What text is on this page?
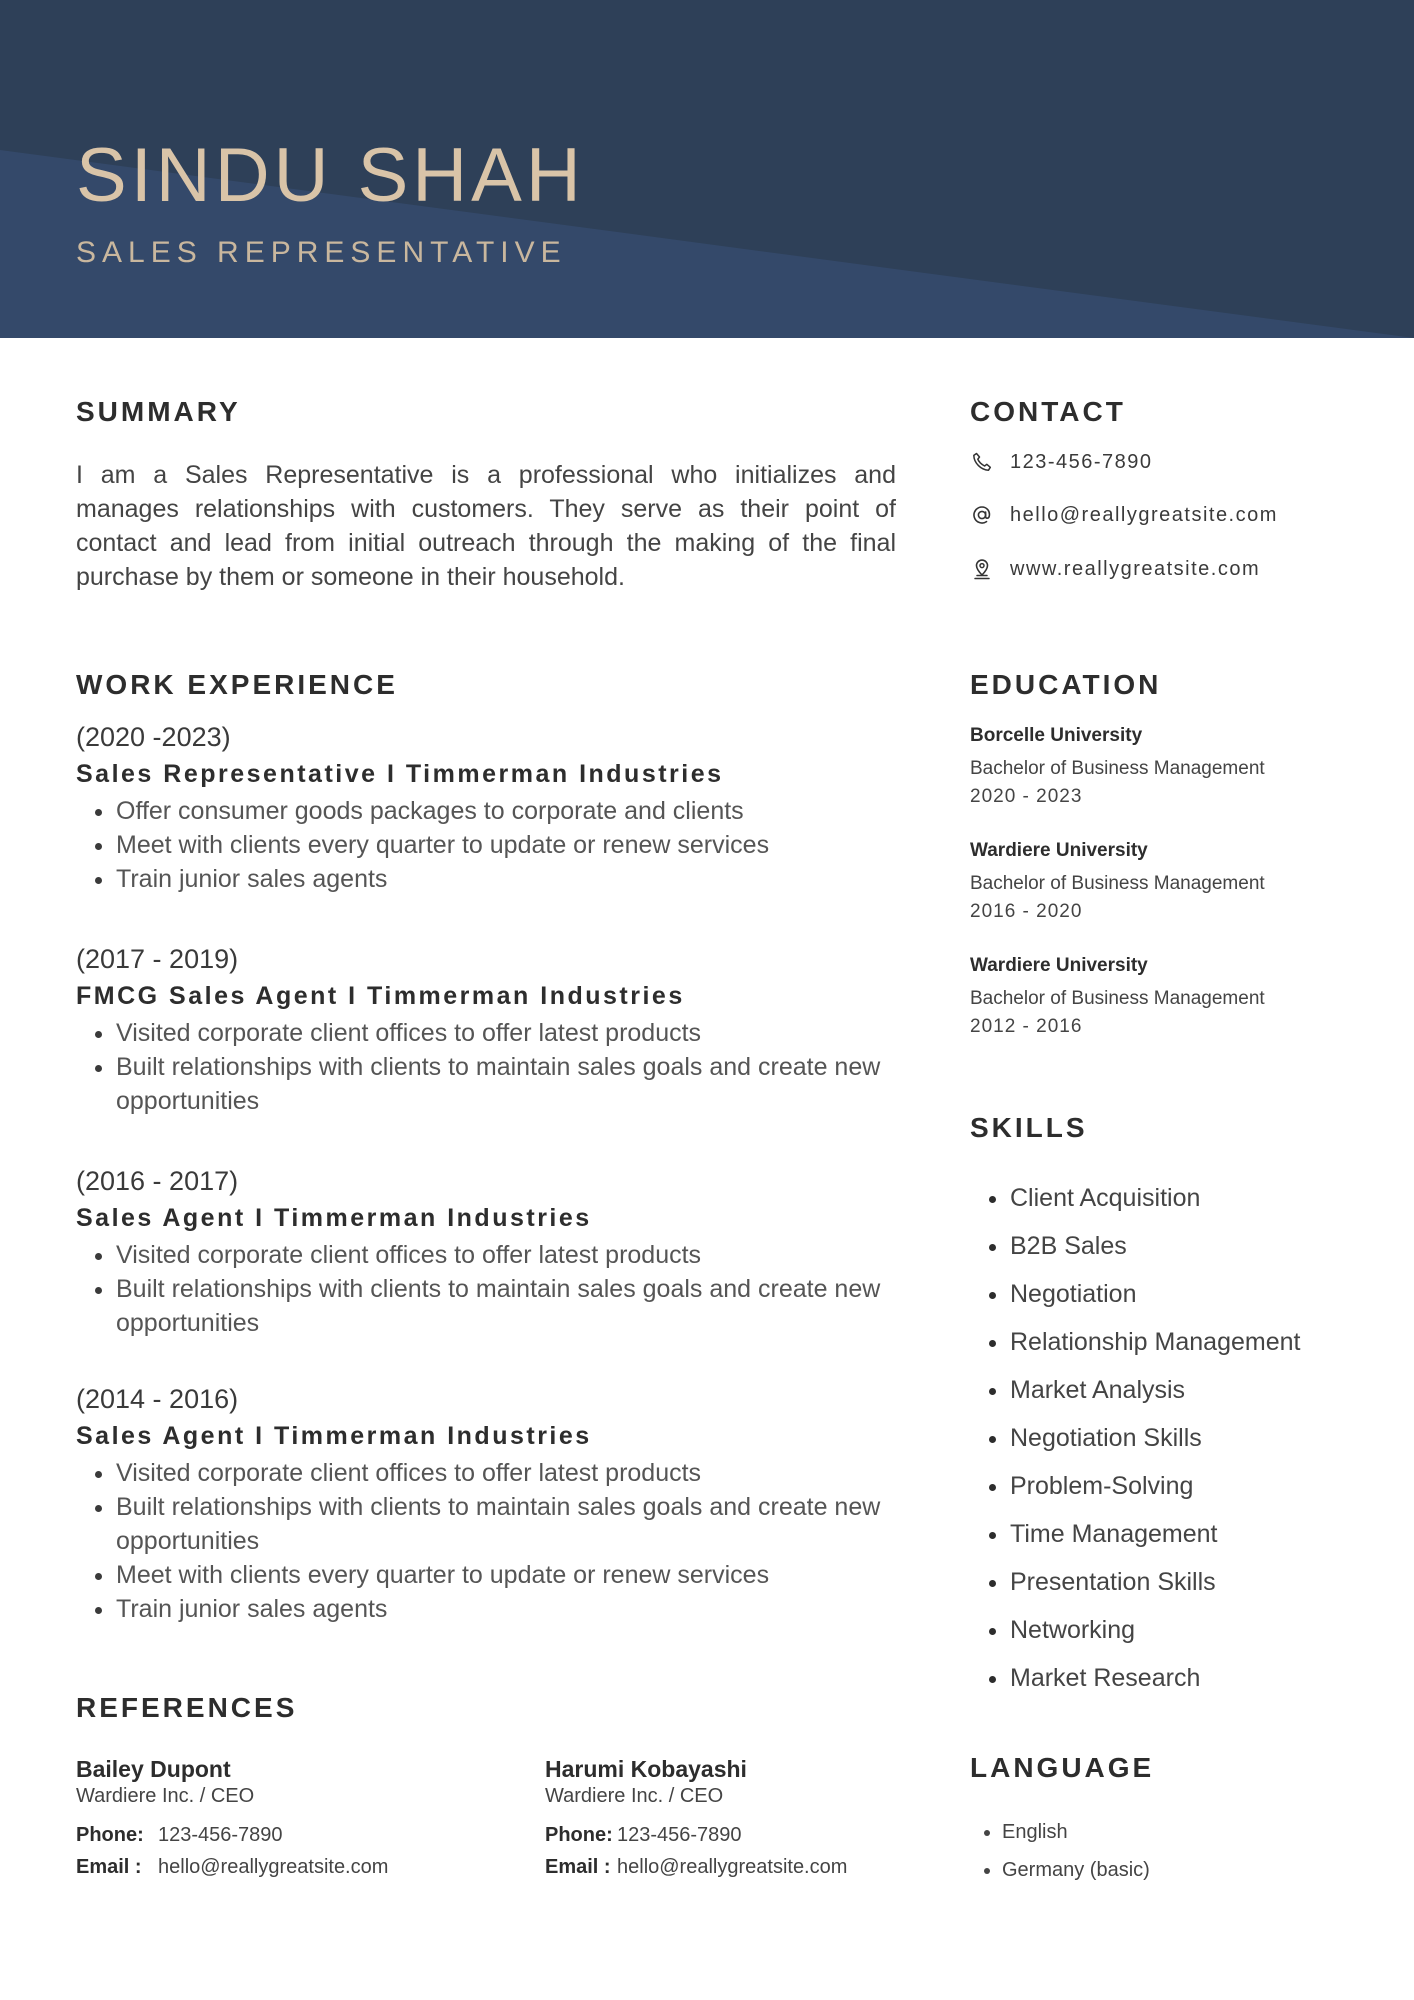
SINDU SHAH
SALES REPRESENTATIVE
SUMMARY

I am a Sales Representative is a professional who initializes and manages relationships with customers. They serve as their point of contact and lead from initial outreach through the making of the final purchase by them or someone in their household.

WORK EXPERIENCE

(2020 -2023)

Sales Representative I Timmerman Industries

• Offer consumer goods packages to corporate and clients
• Meet with clients every quarter to update or renew services
• Train junior sales agents

(2017 - 2019)

FMCG Sales Agent I Timmerman Industries

• Visited corporate client offices to offer latest products
• Built relationships with clients to maintain sales goals and create new opportunities

(2016 - 2017)

Sales Agent I Timmerman Industries

• Visited corporate client offices to offer latest products
• Built relationships with clients to maintain sales goals and create new opportunities

(2014 - 2016)

Sales Agent I Timmerman Industries

• Visited corporate client offices to offer latest products
• Built relationships with clients to maintain sales goals and create new opportunities
• Meet with clients every quarter to update or renew services
• Train junior sales agents
REFERENCES

Bailey Dupont

Wardiere Inc. / CEO

Phone: 123-456-7890

Email : hello@reallygreatsite.com

Harumi Kobayashi

Wardiere Inc. / CEO

Phone: 123-456-7890

Email : hello@reallygreatsite.com

CONTACT
123-456-7890
hello@reallygreatsite.com
www.reallygreatsite.com
EDUCATION

Borcelle University

Bachelor of Business Management

2020 - 2023

Wardiere University

Bachelor of Business Management

2016 - 2020

Wardiere University

Bachelor of Business Management

2012 - 2016

SKILLS
• Client Acquisition
• B2B Sales
• Negotiation
• Relationship Management
• Market Analysis
• Negotiation Skills
• Problem-Solving
• Time Management
• Presentation Skills
• Networking
• Market Research
LANGUAGE
• English
• Germany (basic)
